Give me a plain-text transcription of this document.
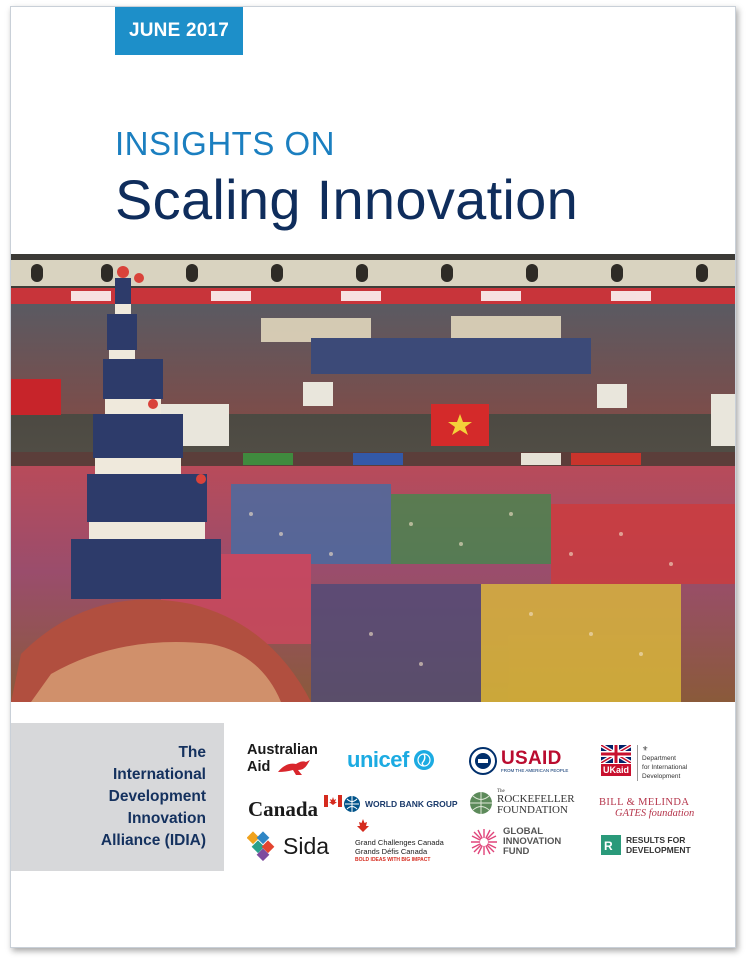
JUNE 2017
INSIGHTS ON
Scaling Innovation
The
International
Development
Innovation
Alliance (IDIA)
Australian
Aid
Canada
Sida
unicef
WORLD BANK GROUP
Grand Challenges Canada
Grands Défis Canada
BOLD IDEAS WITH BIG IMPACT
USAID
FROM THE AMERICAN PEOPLE
The
ROCKEFELLER
FOUNDATION
GLOBAL
INNOVATION
FUND
UKaid
⚜
Department
for International
Development
BILL & MELINDA
GATES foundation
R RESULTS FOR
DEVELOPMENT
